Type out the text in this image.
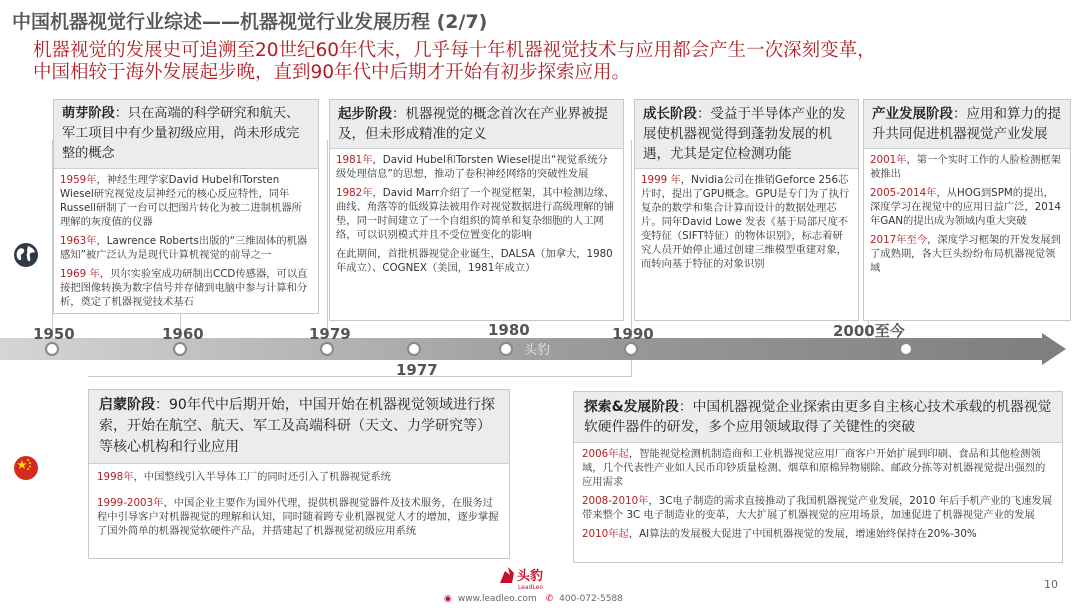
中国机器视觉行业综述——机器视觉行业发展历程 (2/7)
机器视觉的发展史可追溯至20世纪60年代末，几乎每十年机器视觉技术与应用都会产生一次深刻变革，
中国相较于海外发展起步晚，直到90年代中后期才开始有初步探索应用。
萌芽阶段：只在高端的科学研究和航天、军工项目中有少量初级应用，尚未形成完整的概念

1959年，神经生理学家David Hubel和Torsten Wiesel研究视觉皮层神经元的核心反应特性，同年Russell研制了一台可以把图片转化为被二进制机器所理解的灰度值的仪器

1963年，Lawrence Roberts出版的“三维固体的机器感知”被广泛认为是现代计算机视觉的前导之一

1969 年，贝尔实验室成功研制出CCD传感器，可以直接把图像转换为数字信号并存储到电脑中参与计算和分析，奠定了机器视觉技术基石

起步阶段：机器视觉的概念首次在产业界被提及，但未形成精准的定义

1981年，David Hubel和Torsten Wiesel提出“视觉系统分级处理信息”的思想，推动了卷积神经网络的突破性发展

1982年，David Marr介绍了一个视觉框架，其中检测边缘、曲线、角落等的低级算法被用作对视觉数据进行高级理解的铺垫，同一时间建立了一个自组织的简单和复杂细胞的人工网络，可以识别模式并且不受位置变化的影响

在此期间，首批机器视觉企业诞生，DALSA（加拿大，1980年成立）、COGNEX（美国，1981年成立）

成长阶段：受益于半导体产业的发展使机器视觉得到蓬勃发展的机遇，尤其是定位检测功能

1999 年，Nvidia公司在推销Geforce 256芯片时，提出了GPU概念。GPU是专门为了执行复杂的数学和集合计算而设计的数据处理芯片。同年David Lowe 发表《基于局部尺度不变特征（SIFT特征）的物体识别》，标志着研究人员开始停止通过创建三维模型重建对象，而转向基于特征的对象识别

产业发展阶段：应用和算力的提升共同促进机器视觉产业发展

2001年，第一个实时工作的人脸检测框架被推出

2005-2014年，从HOG到SPM的提出，深度学习在视觉中的应用日益广泛，2014年GAN的提出成为领域内重大突破

2017年至今，深度学习框架的开发发展到了成熟期，各大巨头纷纷布局机器视觉领域

头豹
1950	1960	1979
1977
1980	1990	2000至今
启蒙阶段：90年代中后期开始，中国开始在机器视觉领域进行探索，开始在航空、航天、军工及高端科研（天文、力学研究等）等核心机构和行业应用

1998年，中国整线引入半导体工厂的同时还引入了机器视觉系统

1999-2003年，中国企业主要作为国外代理，提供机器视觉器件及技术服务，在服务过程中引导客户对机器视觉的理解和认知，同时随着跨专业机器视觉人才的增加，逐步掌握了国外简单的机器视觉软硬件产品，并搭建起了机器视觉初级应用系统

探索&发展阶段：中国机器视觉企业探索由更多自主核心技术承载的机器视觉软硬件器件的研发，多个应用领域取得了关键性的突破

2006年起，智能视觉检测机制造商和工业机器视觉应用厂商客户开始扩展到印刷、食品和其他检测领域，几个代表性产业如人民币印钞质量检测、烟草和原棉异物剔除、邮政分拣等对机器视觉提出强烈的应用需求

2008-2010年，3C电子制造的需求直接推动了我国机器视觉产业发展，2010 年后手机产业的飞速发展带来整个 3C 电子制造业的变革，大大扩展了机器视觉的应用场景，加速促进了机器视觉产业的发展

2010年起，AI算法的发展极大促进了中国机器视觉的发展，增速始终保持在20%-30%

头豹
LeadLeo
◉ www.leadleo.com ✆ 400-072-5588
10
